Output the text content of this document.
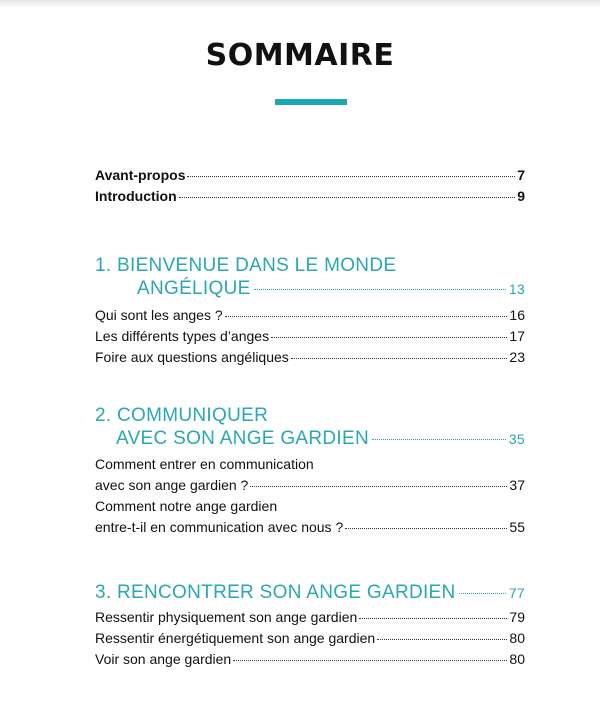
SOMMAIRE
Avant-propos	7
Introduction	9
1. BIENVENUE DANS LE MONDE
ANGÉLIQUE	13
Qui sont les anges ?	16
Les différents types d’anges	17
Foire aux questions angéliques	23
2. COMMUNIQUER
AVEC SON ANGE GARDIEN	35
Comment entrer en communication
avec son ange gardien ?	37
Comment notre ange gardien
entre-t-il en communication avec nous ?	55
3. RENCONTRER SON ANGE GARDIEN	77
Ressentir physiquement son ange gardien	79
Ressentir énergétiquement son ange gardien	80
Voir son ange gardien	80
